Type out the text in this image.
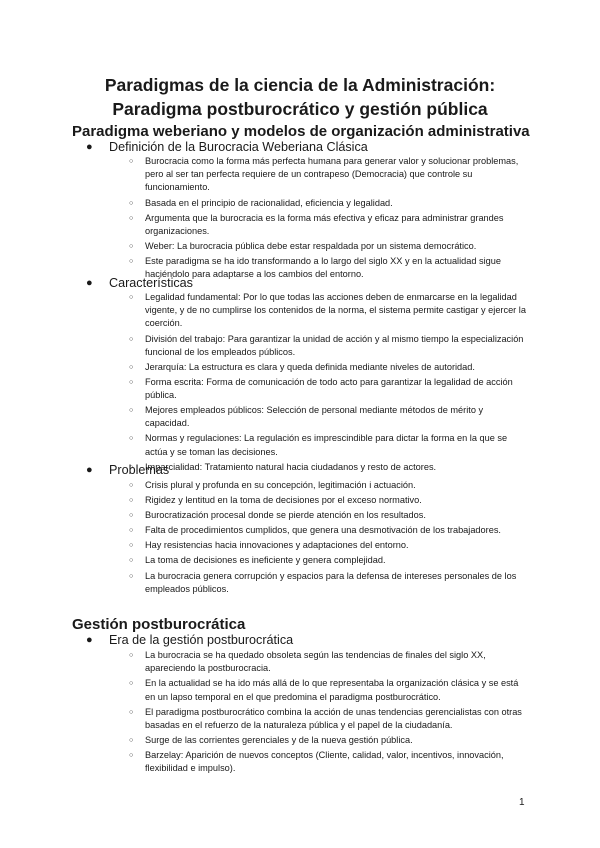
Paradigmas de la ciencia de la Administración:
Paradigma postburocrático y gestión pública
Paradigma weberiano y modelos de organización administrativa
● Definición de la Burocracia Weberiana Clásica
○ Burocracia como la forma más perfecta humana para generar valor y solucionar problemas, pero al ser tan perfecta requiere de un contrapeso (Democracia) que controle su funcionamiento.
○ Basada en el principio de racionalidad, eficiencia y legalidad.
○ Argumenta que la burocracia es la forma más efectiva y eficaz para administrar grandes organizaciones.
○ Weber: La burocracia pública debe estar respaldada por un sistema democrático.
○ Este paradigma se ha ido transformando a lo largo del siglo XX y en la actualidad sigue haciéndolo para adaptarse a los cambios del entorno.
● Características
○ Legalidad fundamental: Por lo que todas las acciones deben de enmarcarse en la legalidad vigente, y de no cumplirse los contenidos de la norma, el sistema permite castigar y ejercer la coerción.
○ División del trabajo: Para garantizar la unidad de acción y al mismo tiempo la especialización funcional de los empleados públicos.
○ Jerarquía: La estructura es clara y queda definida mediante niveles de autoridad.
○ Forma escrita: Forma de comunicación de todo acto para garantizar la legalidad de acción pública.
○ Mejores empleados públicos: Selección de personal mediante métodos de mérito y capacidad.
○ Normas y regulaciones: La regulación es imprescindible para dictar la forma en la que se actúa y se toman las decisiones.
○ Imparcialidad: Tratamiento natural hacia ciudadanos y resto de actores.
● Problemas
○ Crisis plural y profunda en su concepción, legitimación i actuación.
○ Rigidez y lentitud en la toma de decisiones por el exceso normativo.
○ Burocratización procesal donde se pierde atención en los resultados.
○ Falta de procedimientos cumplidos, que genera una desmotivación de los trabajadores.
○ Hay resistencias hacia innovaciones y adaptaciones del entorno.
○ La toma de decisiones es ineficiente y genera complejidad.
○ La burocracia genera corrupción y espacios para la defensa de intereses personales de los empleados públicos.
Gestión postburocrática
● Era de la gestión postburocrática
○ La burocracia se ha quedado obsoleta según las tendencias de finales del siglo XX, apareciendo la postburocracia.
○ En la actualidad se ha ido más allá de lo que representaba la organización clásica y se está en un lapso temporal en el que predomina el paradigma postburocrático.
○ El paradigma postburocrático combina la acción de unas tendencias gerencialistas con otras basadas en el refuerzo de la naturaleza pública y el papel de la ciudadanía.
○ Surge de las corrientes gerenciales y de la nueva gestión pública.
○ Barzelay: Aparición de nuevos conceptos (Cliente, calidad, valor, incentivos, innovación, flexibilidad e impulso).
1
